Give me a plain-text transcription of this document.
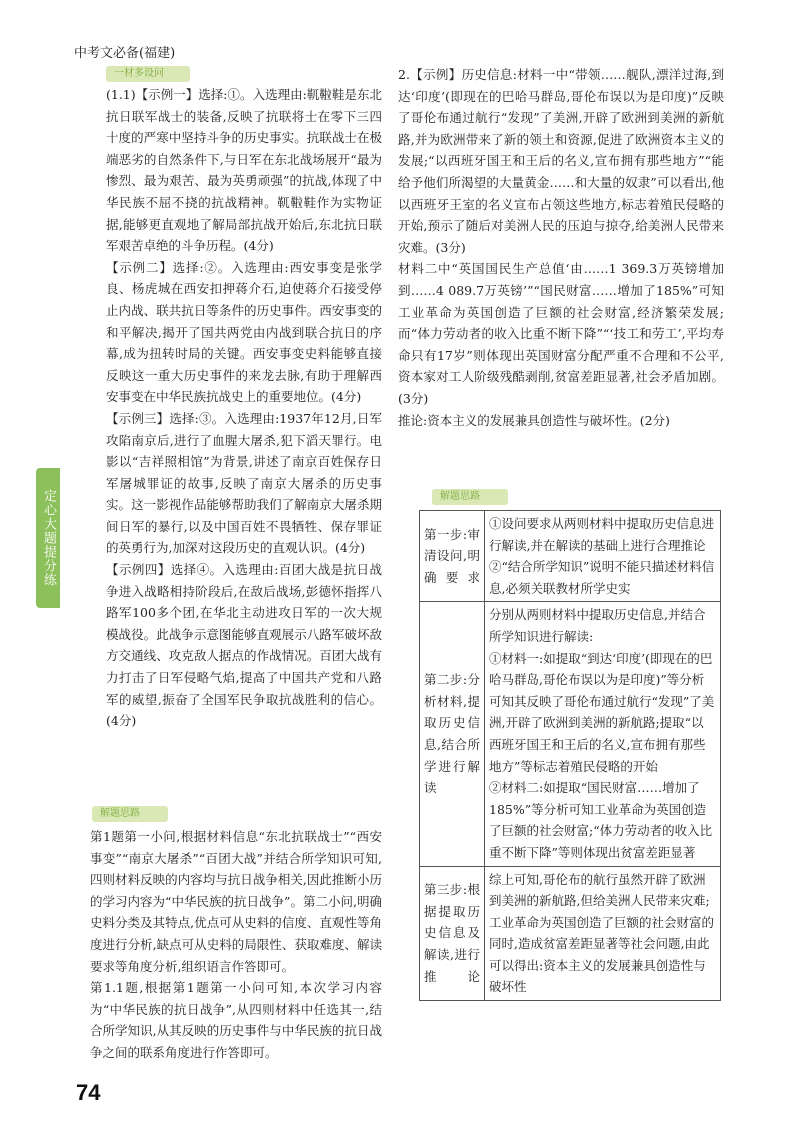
中考文必备(福建)
一材多设问

(1.1)【示例一】选择:①。入选理由:靰鞡鞋是东北抗日联军战士的装备,反映了抗联将士在零下三四十度的严寒中坚持斗争的历史事实。抗联战士在极端恶劣的自然条件下,与日军在东北战场展开“最为惨烈、最为艰苦、最为英勇顽强”的抗战,体现了中华民族不屈不挠的抗战精神。靰鞡鞋作为实物证据,能够更直观地了解局部抗战开始后,东北抗日联军艰苦卓绝的斗争历程。(4分)

【示例二】选择:②。入选理由:西安事变是张学良、杨虎城在西安扣押蒋介石,迫使蒋介石接受停止内战、联共抗日等条件的历史事件。西安事变的和平解决,揭开了国共两党由内战到联合抗日的序幕,成为扭转时局的关键。西安事变史料能够直接反映这一重大历史事件的来龙去脉,有助于理解西安事变在中华民族抗战史上的重要地位。(4分)

【示例三】选择:③。入选理由:1937年12月,日军攻陷南京后,进行了血腥大屠杀,犯下滔天罪行。电影以“吉祥照相馆”为背景,讲述了南京百姓保存日军屠城罪证的故事,反映了南京大屠杀的历史事实。这一影视作品能够帮助我们了解南京大屠杀期间日军的暴行,以及中国百姓不畏牺牲、保存罪证的英勇行为,加深对这段历史的直观认识。(4分)

【示例四】选择④。入选理由:百团大战是抗日战争进入战略相持阶段后,在敌后战场,彭德怀指挥八路军100多个团,在华北主动进攻日军的一次大规模战役。此战争示意图能够直观展示八路军破坏敌方交通线、攻克敌人据点的作战情况。百团大战有力打击了日军侵略气焰,提高了中国共产党和八路军的威望,振奋了全国军民争取抗战胜利的信心。(4分)

解题思路

第1题第一小问,根据材料信息“东北抗联战士”“西安事变”“南京大屠杀”“百团大战”并结合所学知识可知,四则材料反映的内容均与抗日战争相关,因此推断小历的学习内容为“中华民族的抗日战争”。第二小问,明确史料分类及其特点,优点可从史料的信度、直观性等角度进行分析,缺点可从史料的局限性、获取难度、解读要求等角度分析,组织语言作答即可。

第1.1题,根据第1题第一小问可知,本次学习内容为“中华民族的抗日战争”,从四则材料中任选其一,结合所学知识,从其反映的历史事件与中华民族的抗日战争之间的联系角度进行作答即可。

2.【示例】历史信息:材料一中“带领……舰队,漂洋过海,到达‘印度’(即现在的巴哈马群岛,哥伦布误以为是印度)”反映了哥伦布通过航行“发现”了美洲,开辟了欧洲到美洲的新航路,并为欧洲带来了新的领土和资源,促进了欧洲资本主义的发展;“以西班牙国王和王后的名义,宣布拥有那些地方”“能给予他们所渴望的大量黄金……和大量的奴隶”可以看出,他以西班牙王室的名义宣布占领这些地方,标志着殖民侵略的开始,预示了随后对美洲人民的压迫与掠夺,给美洲人民带来灾难。(3分)

材料二中“英国国民生产总值‘由……1 369.3万英镑增加到……4 089.7万英镑’”“国民财富……增加了185%”可知工业革命为英国创造了巨额的社会财富,经济繁荣发展;而“体力劳动者的收入比重不断下降”“‘技工和劳工’,平均寿命只有17岁”则体现出英国财富分配严重不合理和不公平,资本家对工人阶级残酷剥削,贫富差距显著,社会矛盾加剧。(3分)

推论:资本主义的发展兼具创造性与破坏性。(2分)

解题思路
第一步:审清设问,明确要求	①设问要求从两则材料中提取历史信息进行解读,并在解读的基础上进行合理推论
②“结合所学知识”说明不能只描述材料信息,必须关联教材所学史实
第二步:分析材料,提取历史信息,结合所学进行解读	分别从两则材料中提取历史信息,并结合所学知识进行解读:
①材料一:如提取“到达‘印度’(即现在的巴哈马群岛,哥伦布误以为是印度)”等分析可知其反映了哥伦布通过航行“发现”了美洲,开辟了欧洲到美洲的新航路;提取“以西班牙国王和王后的名义,宣布拥有那些地方”等标志着殖民侵略的开始
②材料二:如提取“国民财富……增加了185%”等分析可知工业革命为英国创造了巨额的社会财富;“体力劳动者的收入比重不断下降”等则体现出贫富差距显著
第三步:根据提取历史信息及解读,进行推论	综上可知,哥伦布的航行虽然开辟了欧洲到美洲的新航路,但给美洲人民带来灾难;工业革命为英国创造了巨额的社会财富的同时,造成贫富差距显著等社会问题,由此可以得出:资本主义的发展兼具创造性与破坏性
定心大题提分练
74
